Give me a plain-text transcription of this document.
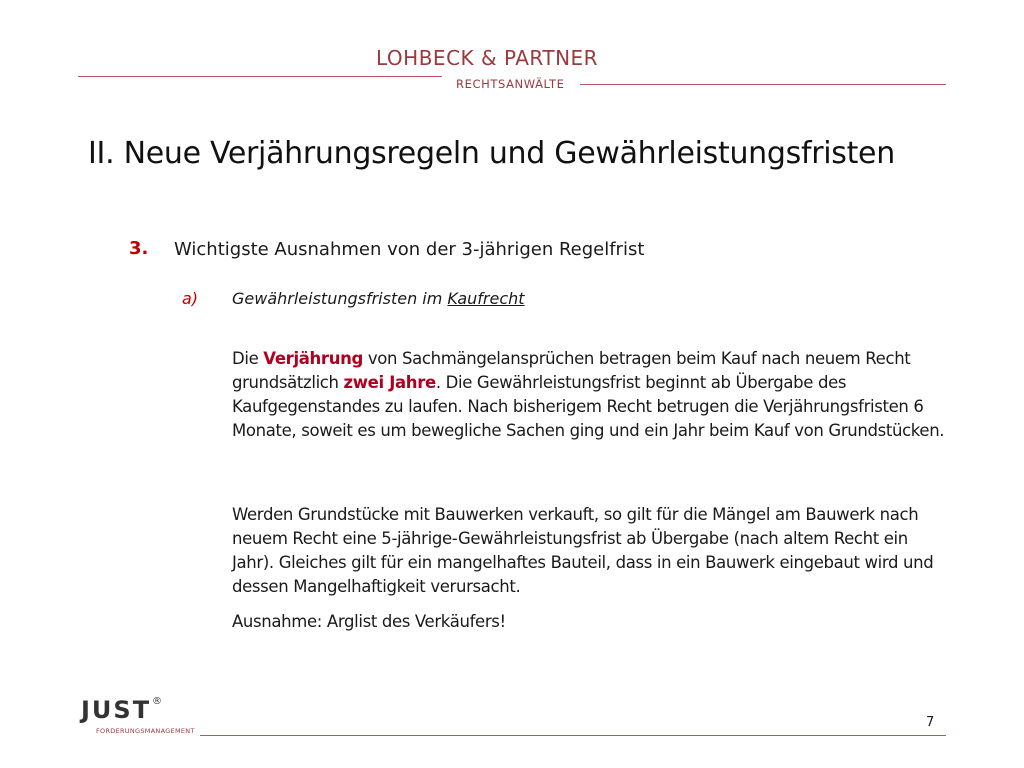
LOHBECK & PARTNER
RECHTSANWÄLTE
II. Neue Verjährungsregeln und Gewährleistungsfristen
3. Wichtigste Ausnahmen von der 3-jährigen Regelfrist
a) Gewährleistungsfristen im Kaufrecht
Die Verjährung von Sachmängelansprüchen betragen beim Kauf nach neuem Recht grundsätzlich zwei Jahre. Die Gewährleistungsfrist beginnt ab Übergabe des Kaufgegenstandes zu laufen. Nach bisherigem Recht betrugen die Verjährungsfristen 6 Monate, soweit es um bewegliche Sachen ging und ein Jahr beim Kauf von Grundstücken.
Werden Grundstücke mit Bauwerken verkauft, so gilt für die Mängel am Bauwerk nach neuem Recht eine 5-jährige-Gewährleistungsfrist ab Übergabe (nach altem Recht ein Jahr). Gleiches gilt für ein mangelhaftes Bauteil, dass in ein Bauwerk eingebaut wird und dessen Mangelhaftigkeit verursacht.
Ausnahme: Arglist des Verkäufers!
JUST ®
FORDERUNGSMANAGEMENT
7
